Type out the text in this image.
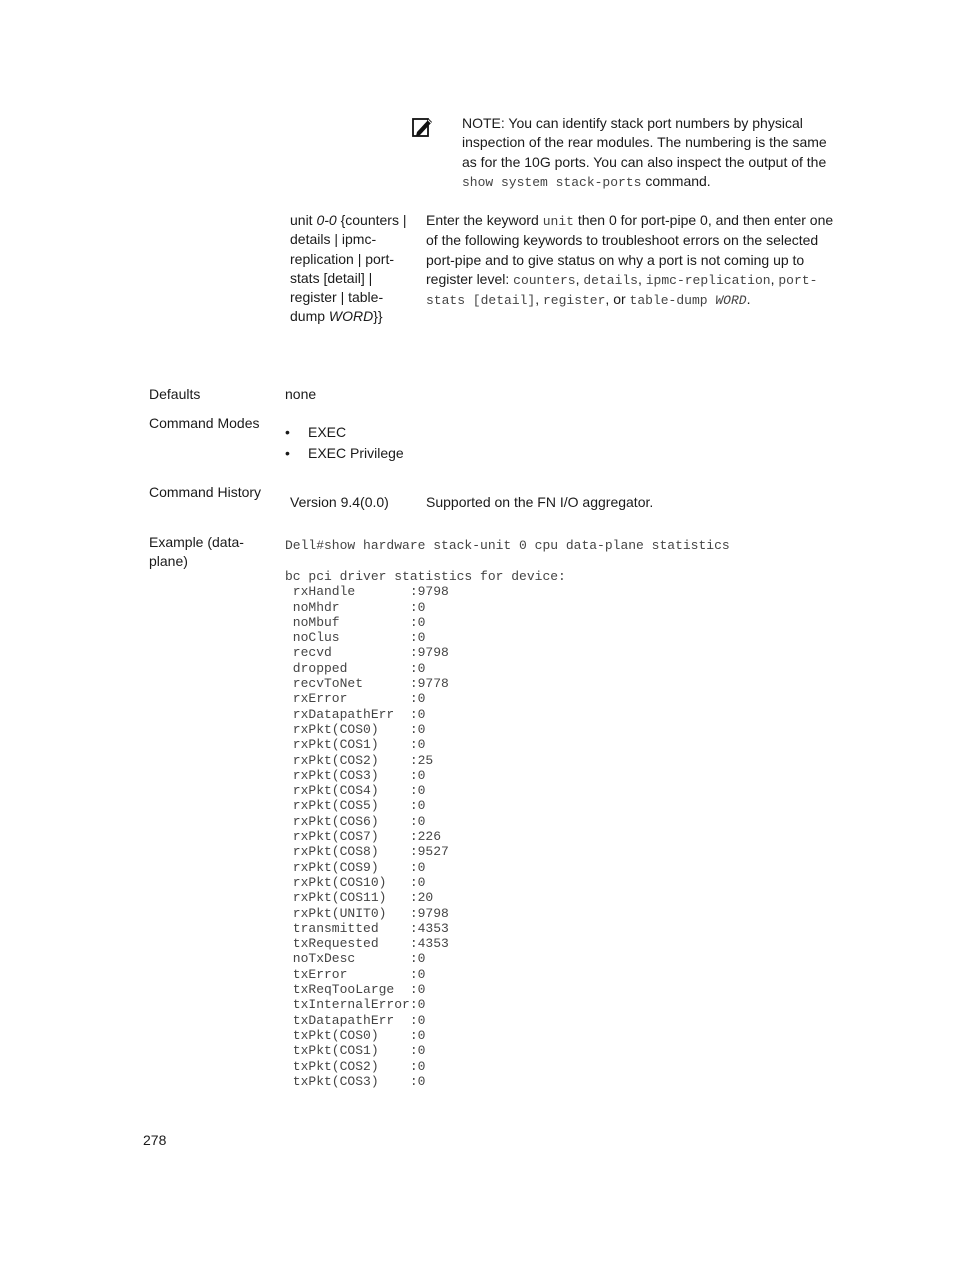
NOTE: You can identify stack port numbers by physical inspection of the rear modules. The numbering is the same as for the 10G ports. You can also inspect the output of the show system stack-ports command.
unit 0-0 {counters | details | ipmc-replication | port-stats [detail] | register | table-dump WORD}}
Enter the keyword unit then 0 for port-pipe 0, and then enter one of the following keywords to troubleshoot errors on the selected port-pipe and to give status on why a port is not coming up to register level: counters, details, ipmc-replication, port-stats [detail], register, or table-dump WORD.
Defaults	none
Command Modes
• EXEC
• EXEC Privilege
Command History
Version 9.4(0.0)	Supported on the FN I/O aggregator.
Example (data-plane)
Dell#show hardware stack-unit 0 cpu data-plane statistics
bc pci driver statistics for device:
rxHandle       :9798
noMhdr         :0
noMbuf         :0
noClus         :0
recvd          :9798
dropped        :0
recvToNet      :9778
rxError        :0
rxDatapathErr  :0
rxPkt(COS0)    :0
rxPkt(COS1)    :0
rxPkt(COS2)    :25
rxPkt(COS3)    :0
rxPkt(COS4)    :0
rxPkt(COS5)    :0
rxPkt(COS6)    :0
rxPkt(COS7)    :226
rxPkt(COS8)    :9527
rxPkt(COS9)    :0
rxPkt(COS10)   :0
rxPkt(COS11)   :20
rxPkt(UNIT0)   :9798
transmitted    :4353
txRequested    :4353
noTxDesc       :0
txError        :0
txReqTooLarge  :0
txInternalError:0
txDatapathErr  :0
txPkt(COS0)    :0
txPkt(COS1)    :0
txPkt(COS2)    :0
txPkt(COS3)    :0

278
